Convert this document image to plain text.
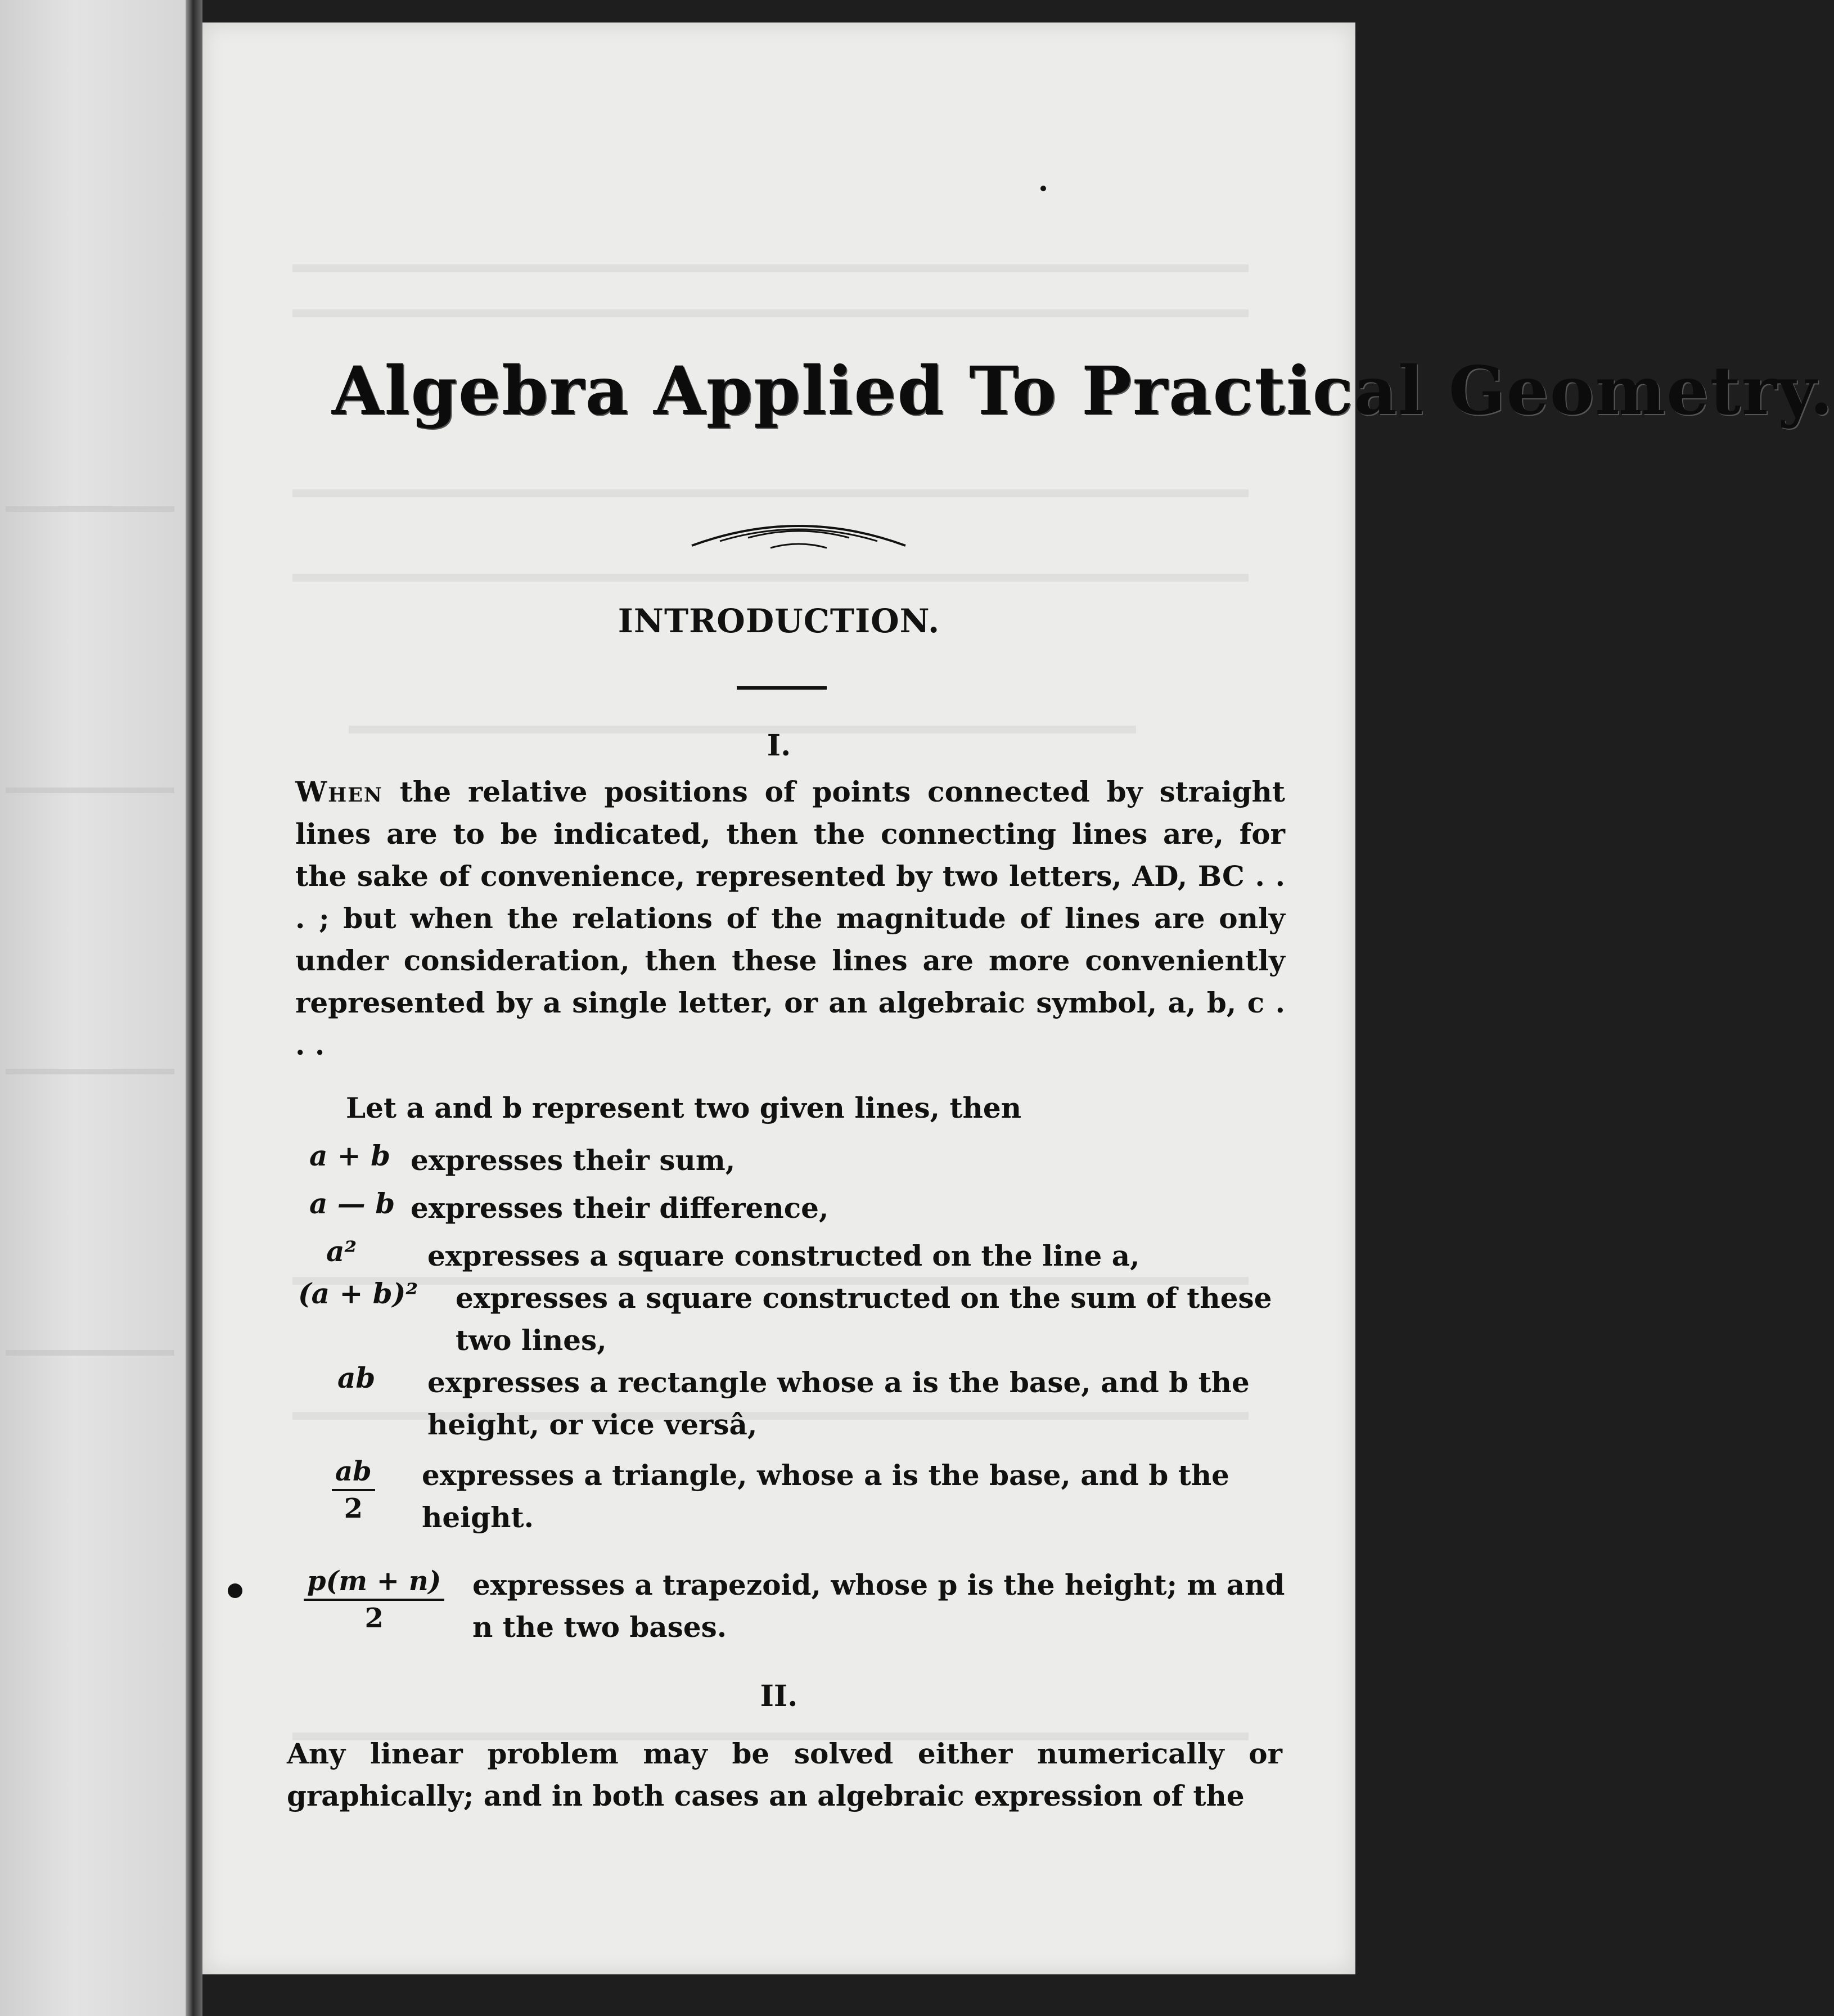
Algebra Applied To Practical Geometry.
INTRODUCTION.
I.
When the relative positions of points connected by straight lines are to be indicated, then the connecting lines are, for the sake of convenience, represented by two letters, AD, BC . . . ; but when the relations of the magnitude of lines are only under consideration, then these lines are more conveniently represented by a single letter, or an algebraic symbol, a, b, c . . .
Let a and b represent two given lines, then
a + b expresses their sum,
a — b expresses their difference,
a²	expresses a square constructed on the line a,
(a + b)² expresses a square constructed on the sum of these two lines,
ab expresses a rectangle whose a is the base, and b the height, or vice versâ,
$\frac{ab}{2}$ expresses a triangle, whose a is the base, and b the height.
$\frac{p(m + n)}{2}$ expresses a trapezoid, whose p is the height; m and n the two bases.
II.
Any linear problem may be solved either numerically or graphically; and in both cases an algebraic expression of the
